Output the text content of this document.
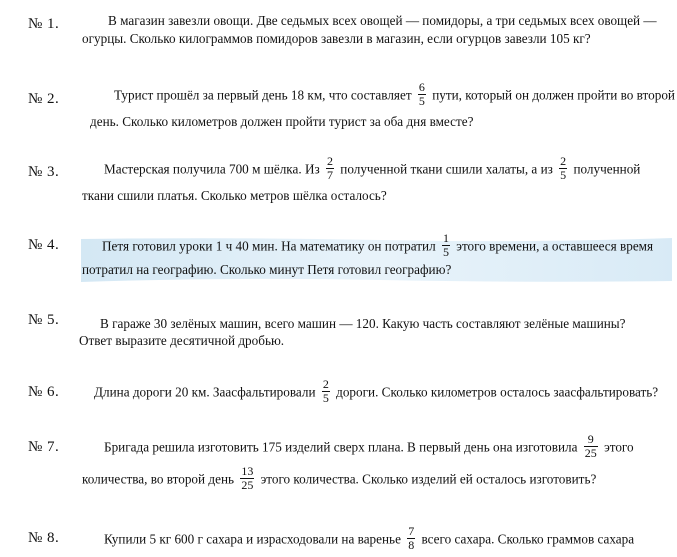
№ 1.	В магазин завезли овощи. Две седьмых всех овощей — помидоры, а три седьмых всех овощей —
огурцы. Сколько килограммов помидоров завезли в магазин, если огурцов завезли 105 кг?
№ 2.	Турист прошёл за первый день 18 км, что составляет $\frac{6}{5}$ пути, который он должен пройти во второй
день. Сколько километров должен пройти турист за оба дня вместе?
№ 3.	Мастерская получила 700 м шёлка. Из $\frac{2}{7}$ полученной ткани сшили халаты, а из $\frac{2}{5}$ полученной
ткани сшили платья. Сколько метров шёлка осталось?
№ 4.	Петя готовил уроки 1 ч 40 мин. На математику он потратил $\frac{1}{5}$ этого времени, а оставшееся время
потратил на географию. Сколько минут Петя готовил географию?
№ 5.	В гараже 30 зелёных машин, всего машин — 120. Какую часть составляют зелёные машины?
Ответ выразите десятичной дробью.
№ 6.	Длина дороги 20 км. Заасфальтировали $\frac{2}{5}$ дороги. Сколько километров осталось заасфальтировать?
№ 7.	Бригада решила изготовить 175 изделий сверх плана. В первый день она изготовила $\frac{9}{25}$ этого
количества, во второй день $\frac{13}{25}$ этого количества. Сколько изделий ей осталось изготовить?
№ 8.	Купили 5 кг 600 г сахара и израсходовали на варенье $\frac{7}{8}$ всего сахара. Сколько граммов сахара
